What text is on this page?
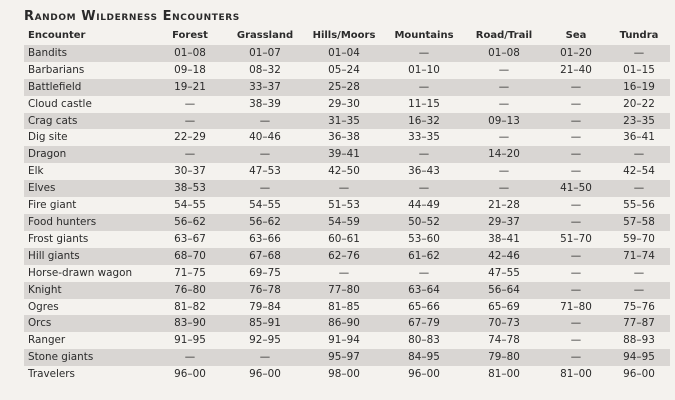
Random Wilderness Encounters
Encounter	Forest	Grassland	Hills/Moors	Mountains	Road/Trail	Sea	Tundra
Bandits	01–08	01–07	01–04	—	01–08	01–20	—
Barbarians	09–18	08–32	05–24	01–10	—	21–40	01–15
Battlefield	19–21	33–37	25–28	—	—	—	16–19
Cloud castle	—	38–39	29–30	11–15	—	—	20–22
Crag cats	—	—	31–35	16–32	09–13	—	23–35
Dig site	22–29	40–46	36–38	33–35	—	—	36–41
Dragon	—	—	39–41	—	14–20	—	—
Elk	30–37	47–53	42–50	36–43	—	—	42–54
Elves	38–53	—	—	—	—	41–50	—
Fire giant	54–55	54–55	51–53	44–49	21–28	—	55–56
Food hunters	56–62	56–62	54–59	50–52	29–37	—	57–58
Frost giants	63–67	63–66	60–61	53–60	38–41	51–70	59–70
Hill giants	68–70	67–68	62–76	61–62	42–46	—	71–74
Horse-drawn wagon	71–75	69–75	—	—	47–55	—	—
Knight	76–80	76–78	77–80	63–64	56–64	—	—
Ogres	81–82	79–84	81–85	65–66	65–69	71–80	75–76
Orcs	83–90	85–91	86–90	67–79	70–73	—	77–87
Ranger	91–95	92–95	91–94	80–83	74–78	—	88–93
Stone giants	—	—	95–97	84–95	79–80	—	94–95
Travelers	96–00	96–00	98–00	96–00	81–00	81–00	96–00
